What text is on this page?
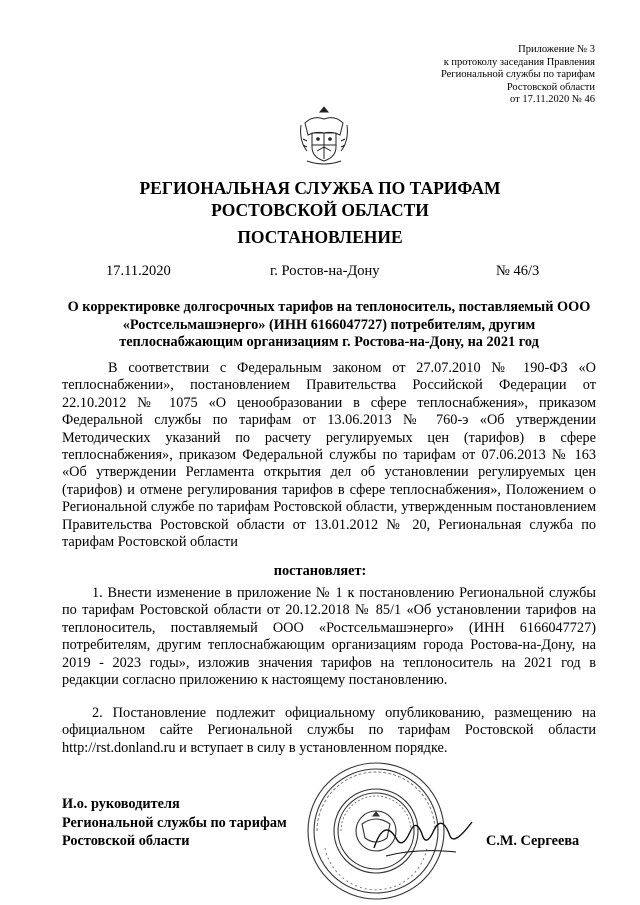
Приложение № 3
к протоколу заседания Правления
Региональной службы по тарифам
Ростовской области
от 17.11.2020 № 46
РЕГИОНАЛЬНАЯ СЛУЖБА ПО ТАРИФАМ
РОСТОВСКОЙ ОБЛАСТИ
ПОСТАНОВЛЕНИЕ
17.11.2020	г. Ростов-на-Дону	№ 46/3
О корректировке долгосрочных тарифов на теплоноситель, поставляемый ООО «Ростсельмашэнерго» (ИНН 6166047727) потребителям, другим теплоснабжающим организациям г. Ростова-на-Дону, на 2021 год
В соответствии с Федеральным законом от 27.07.2010 № 190-ФЗ «О теплоснабжении», постановлением Правительства Российской Федерации от 22.10.2012 № 1075 «О ценообразовании в сфере теплоснабжения», приказом Федеральной службы по тарифам от 13.06.2013 № 760-э «Об утверждении Методических указаний по расчету регулируемых цен (тарифов) в сфере теплоснабжения», приказом Федеральной службы по тарифам от 07.06.2013 № 163 «Об утверждении Регламента открытия дел об установлении регулируемых цен (тарифов) и отмене регулирования тарифов в сфере теплоснабжения», Положением о Региональной службе по тарифам Ростовской области, утвержденным постановлением Правительства Ростовской области от 13.01.2012 № 20, Региональная служба по тарифам Ростовской области
постановляет:
1. Внести изменение в приложение № 1 к постановлению Региональной службы по тарифам Ростовской области от 20.12.2018 № 85/1 «Об установлении тарифов на теплоноситель, поставляемый ООО «Ростсельмашэнерго» (ИНН 6166047727) потребителям, другим теплоснабжающим организациям города Ростова-на-Дону, на 2019 - 2023 годы», изложив значения тарифов на теплоноситель на 2021 год в редакции согласно приложению к настоящему постановлению.
2. Постановление подлежит официальному опубликованию, размещению на официальном сайте Региональной службы по тарифам Ростовской области http://rst.donland.ru и вступает в силу в установленном порядке.
И.о. руководителя
Региональной службы по тарифам
Ростовской области	С.М. Сергеева
